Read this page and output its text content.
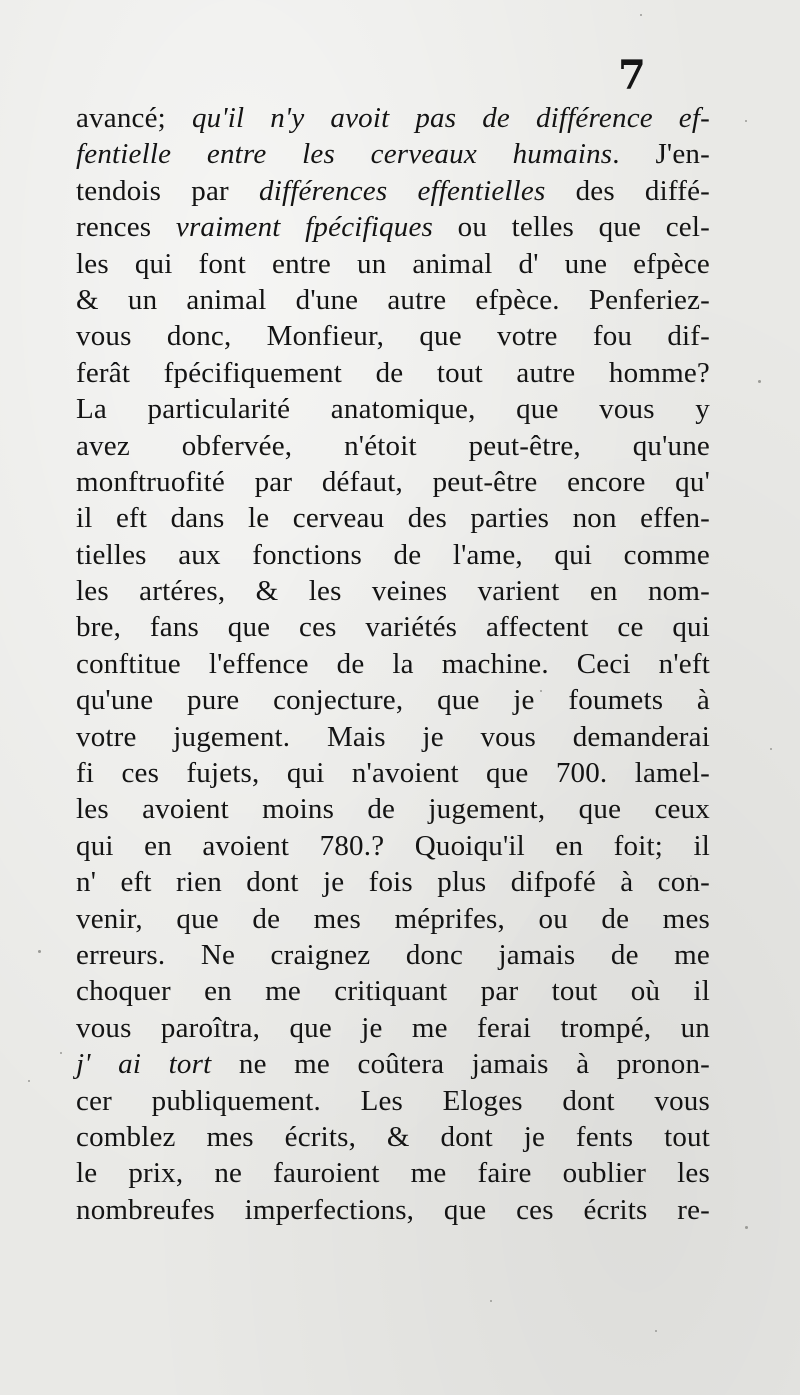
7
avancé; qu'il n'y avoit pas de différence ef-
fentielle entre les cerveaux humains. J'en-
tendois par différences effentielles des diffé-
rences vraiment fpécifiques ou telles que cel-
les qui font entre un animal d' une efpèce
& un animal d'une autre efpèce. Penferiez-
vous donc, Monfieur, que votre fou dif-
ferât fpécifiquement de tout autre homme?
La particularité anatomique, que vous y
avez obfervée, n'étoit peut-être, qu'une
monftruofité par défaut, peut-être encore qu'
il eft dans le cerveau des parties non effen-
tielles aux fonctions de l'ame, qui comme
les artéres, & les veines varient en nom-
bre, fans que ces variétés affectent ce qui
conftitue l'effence de la machine. Ceci n'eft
qu'une pure conjecture, que je foumets à
votre jugement. Mais je vous demanderai
fi ces fujets, qui n'avoient que 700. lamel-
les avoient moins de jugement, que ceux
qui en avoient 780.? Quoiqu'il en foit; il
n' eft rien dont je fois plus difpofé à con-
venir, que de mes méprifes, ou de mes
erreurs. Ne craignez donc jamais de me
choquer en me critiquant par tout où il
vous paroîtra, que je me ferai trompé, un
j' ai tort ne me coûtera jamais à pronon-
cer publiquement. Les Eloges dont vous
comblez mes écrits, & dont je fents tout
le prix, ne fauroient me faire oublier les
nombreufes imperfections, que ces écrits re-
